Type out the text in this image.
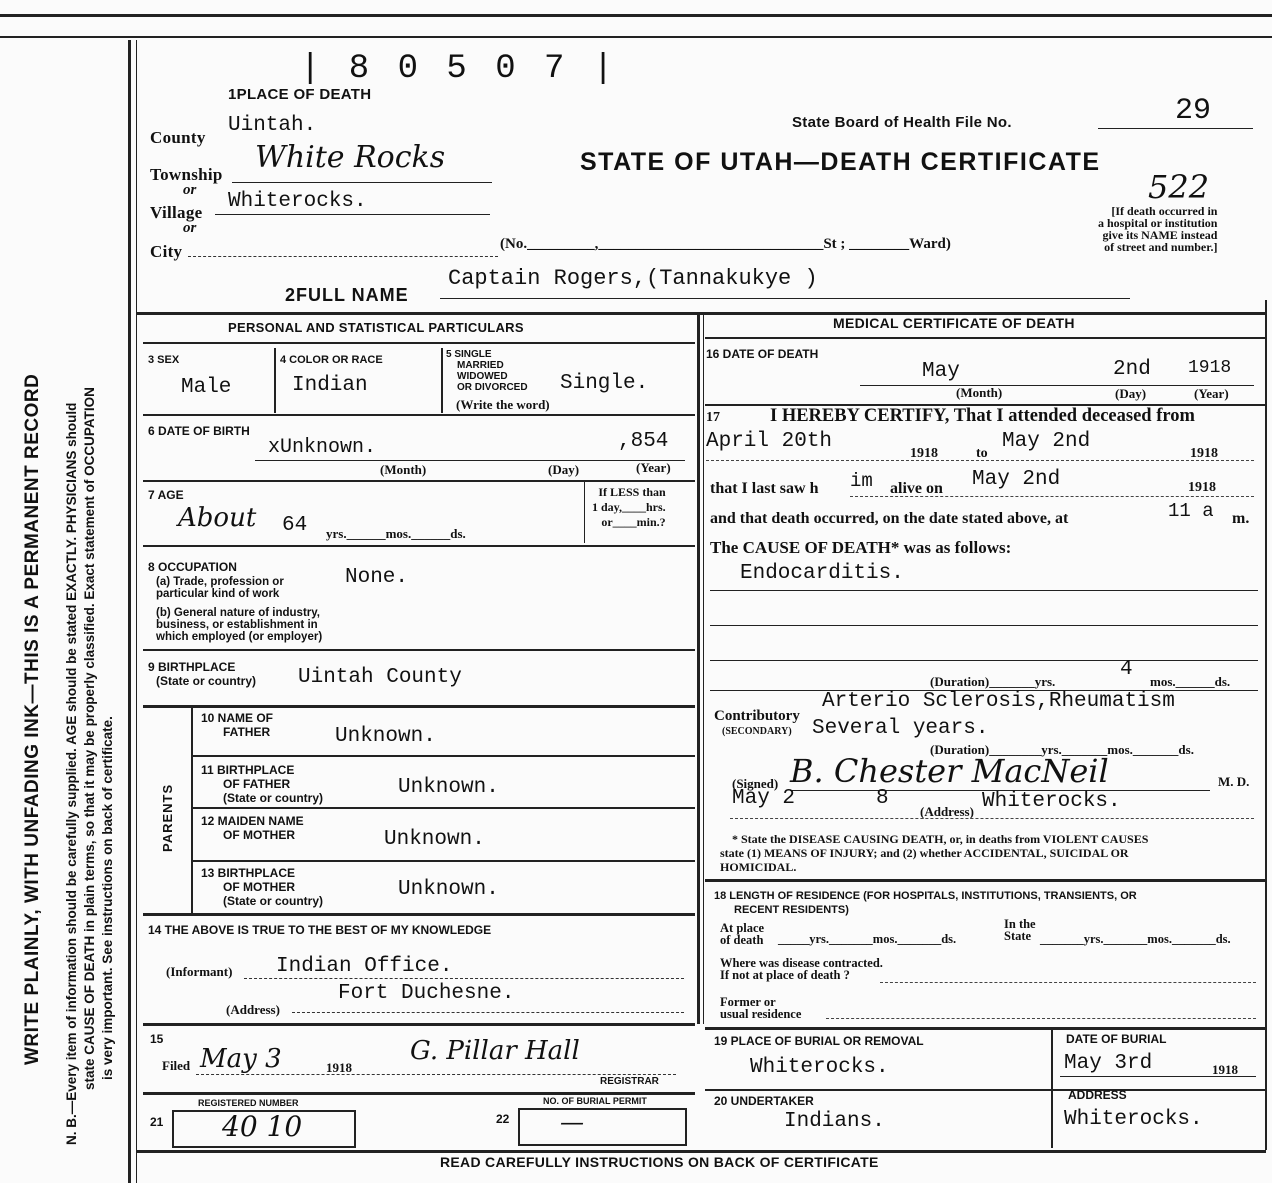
WRITE PLAINLY, WITH UNFADING INK—THIS IS A PERMANENT RECORD N. B.—Every item of information should be carefully supplied. AGE should be stated EXACTLY. PHYSICIANS should state CAUSE OF DEATH in plain terms, so that it may be properly classified. Exact statement of OCCUPATION is very important. See instructions on back of certificate.
| 8 0 5 0 7 |
1PLACE OF DEATH
County
Uintah.
Township White Rocks
or
Village Whiterocks.
or
City	(No._________,______________________________St ; ________Ward)
State Board of Health File No.	29
STATE OF UTAH—DEATH CERTIFICATE
522
[If death occurred in
a hospital or institution
give its NAME instead
of street and number.]
2FULL NAME
Captain Rogers,(Tannakukye )
PERSONAL AND STATISTICAL PARTICULARS
3 SEX
Male
4 COLOR OR RACE
Indian
5 SINGLE
MARRIED
WIDOWED
OR DIVORCED
(Write the word)
Single.
6 DATE OF BIRTH
xUnknown.	,854
(Month)	(Day)	(Year)
7 AGE
About 64 yrs.______mos.______ds.
If LESS than
1 day,____hrs.
or____min.?
8 OCCUPATION
(a) Trade, profession or
particular kind of work
None.
(b) General nature of industry,
business, or establishment in
which employed (or employer)
9 BIRTHPLACE
(State or country) Uintah County
PARENTS
10 NAME OF
FATHER	Unknown.
11 BIRTHPLACE
OF FATHER
(State or country)	Unknown.
12 MAIDEN NAME
OF MOTHER	Unknown.
13 BIRTHPLACE
OF MOTHER
(State or country)	Unknown.
14 THE ABOVE IS TRUE TO THE BEST OF MY KNOWLEDGE
(Informant) Indian Office.
Fort Duchesne.
(Address)
15
Filed May 3	1918
G. Pillar Hall
REGISTRAR
21
REGISTERED NUMBER
40 10	22
NO. OF BURIAL PERMIT
—
MEDICAL CERTIFICATE OF DEATH
16 DATE OF DEATH
May	2nd 1918
(Month)	(Day)	(Year)
17	I HEREBY CERTIFY, That I attended deceased from
April 20th
1918	to
May 2nd
1918
that I last saw h im alive on May 2nd	1918
and that death occurred, on the date stated above, at	11 a m.
The CAUSE OF DEATH* was as follows:
Endocarditis.
(Duration)_______yrs.
4
mos.______ds.
Contributory
(SECONDARY)
Arterio Sclerosis,Rheumatism
Several years.
(Duration)________yrs._______mos._______ds.
(Signed) B. Chester MacNeil	M. D.
May 2	8
(Address) Whiterocks.
* State the DISEASE CAUSING DEATH, or, in deaths from VIOLENT CAUSES
state (1) MEANS OF INJURY; and (2) whether ACCIDENTAL, SUICIDAL OR
HOMICIDAL.
18 LENGTH OF RESIDENCE (FOR HOSPITALS, INSTITUTIONS, TRANSIENTS, OR
RECENT RESIDENTS)
At place
of death _____yrs._______mos._______ds.
In the
State _______yrs._______mos._______ds.
Where was disease contracted.
If not at place of death ?
Former or
usual residence
19 PLACE OF BURIAL OR REMOVAL
Whiterocks.
DATE OF BURIAL
May 3rd	1918
20 UNDERTAKER
Indians.
ADDRESS
Whiterocks.
READ CAREFULLY INSTRUCTIONS ON BACK OF CERTIFICATE
